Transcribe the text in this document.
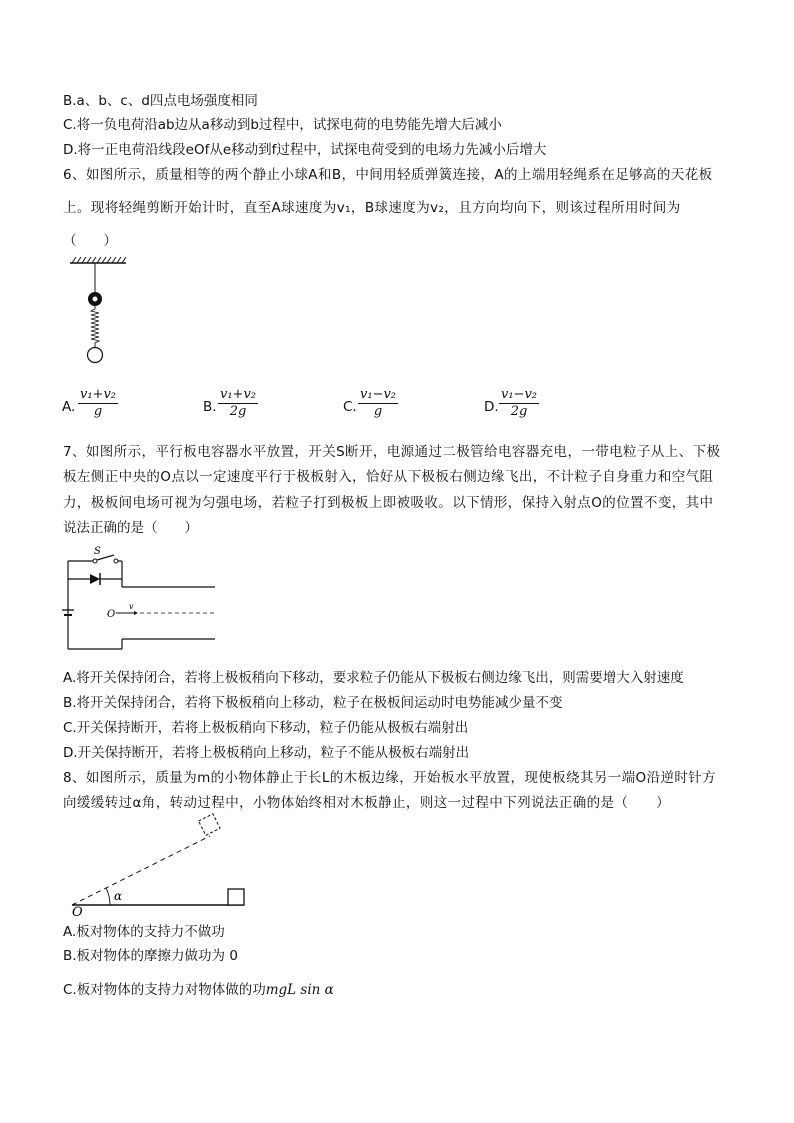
B.a、b、c、d四点电场强度相同
C.将一负电荷沿ab边从a移动到b过程中，试探电荷的电势能先增大后减小
D.将一正电荷沿线段eOf从e移动到f过程中，试探电荷受到的电场力先减小后增大
6、如图所示，质量相等的两个静止小球A和B，中间用轻质弹簧连接，A的上端用轻绳系在足够高的天花板
上。现将轻绳剪断开始计时，直至A球速度为v₁，B球速度为v₂，且方向均向下，则该过程所用时间为
（　　）
A. $\frac{\text{v₁+v₂}}{g}$	B. $\frac{\text{v₁+v₂}}{2g}$	C. $\frac{\text{v₁−v₂}}{g}$	D. $\frac{\text{v₁−v₂}}{2g}$
7、如图所示，平行板电容器水平放置，开关S断开，电源通过二极管给电容器充电，一带电粒子从上、下极
板左侧正中央的O点以一定速度平行于极板射入，恰好从下极板右侧边缘飞出，不计粒子自身重力和空气阻
力，极板间电场可视为匀强电场，若粒子打到极板上即被吸收。以下情形，保持入射点O的位置不变，其中
说法正确的是（　　）
S
O
v
A.将开关保持闭合，若将上极板稍向下移动，要求粒子仍能从下极板右侧边缘飞出，则需要增大入射速度
B.将开关保持闭合，若将下极板稍向上移动，粒子在极板间运动时电势能减少量不变
C.开关保持断开，若将上极板稍向下移动，粒子仍能从极板右端射出
D.开关保持断开，若将上极板稍向上移动，粒子不能从极板右端射出
8、如图所示，质量为m的小物体静止于长L的木板边缘，开始板水平放置，现使板绕其另一端O沿逆时针方
向缓缓转过α角，转动过程中，小物体始终相对木板静止，则这一过程中下列说法正确的是（　　）
α
O
A.板对物体的支持力不做功
B.板对物体的摩擦力做功为 0
C.板对物体的支持力对物体做的功mgL sin α
